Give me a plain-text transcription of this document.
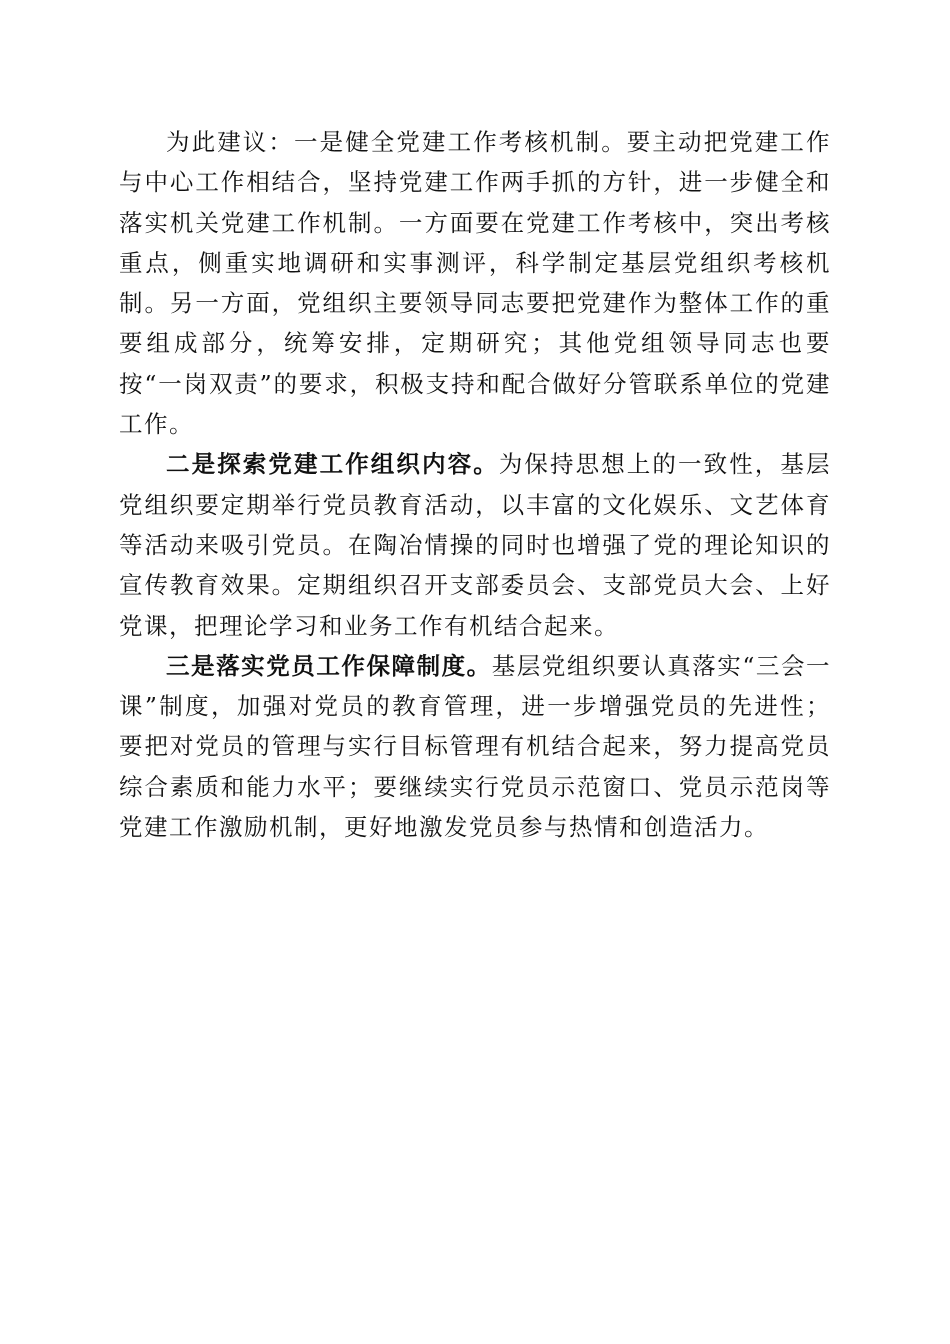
为此建议：一是健全党建工作考核机制。要主动把党建工作与中心工作相结合，坚持党建工作两手抓的方针，进一步健全和落实机关党建工作机制。一方面要在党建工作考核中，突出考核重点，侧重实地调研和实事测评，科学制定基层党组织考核机制。另一方面，党组织主要领导同志要把党建作为整体工作的重要组成部分，统筹安排，定期研究；其他党组领导同志也要按“一岗双责”的要求，积极支持和配合做好分管联系单位的党建工作。

二是探索党建工作组织内容。为保持思想上的一致性，基层党组织要定期举行党员教育活动，以丰富的文化娱乐、文艺体育等活动来吸引党员。在陶冶情操的同时也增强了党的理论知识的宣传教育效果。定期组织召开支部委员会、支部党员大会、上好党课，把理论学习和业务工作有机结合起来。

三是落实党员工作保障制度。基层党组织要认真落实“三会一课”制度，加强对党员的教育管理，进一步增强党员的先进性；要把对党员的管理与实行目标管理有机结合起来，努力提高党员综合素质和能力水平；要继续实行党员示范窗口、党员示范岗等党建工作激励机制，更好地激发党员参与热情和创造活力。
